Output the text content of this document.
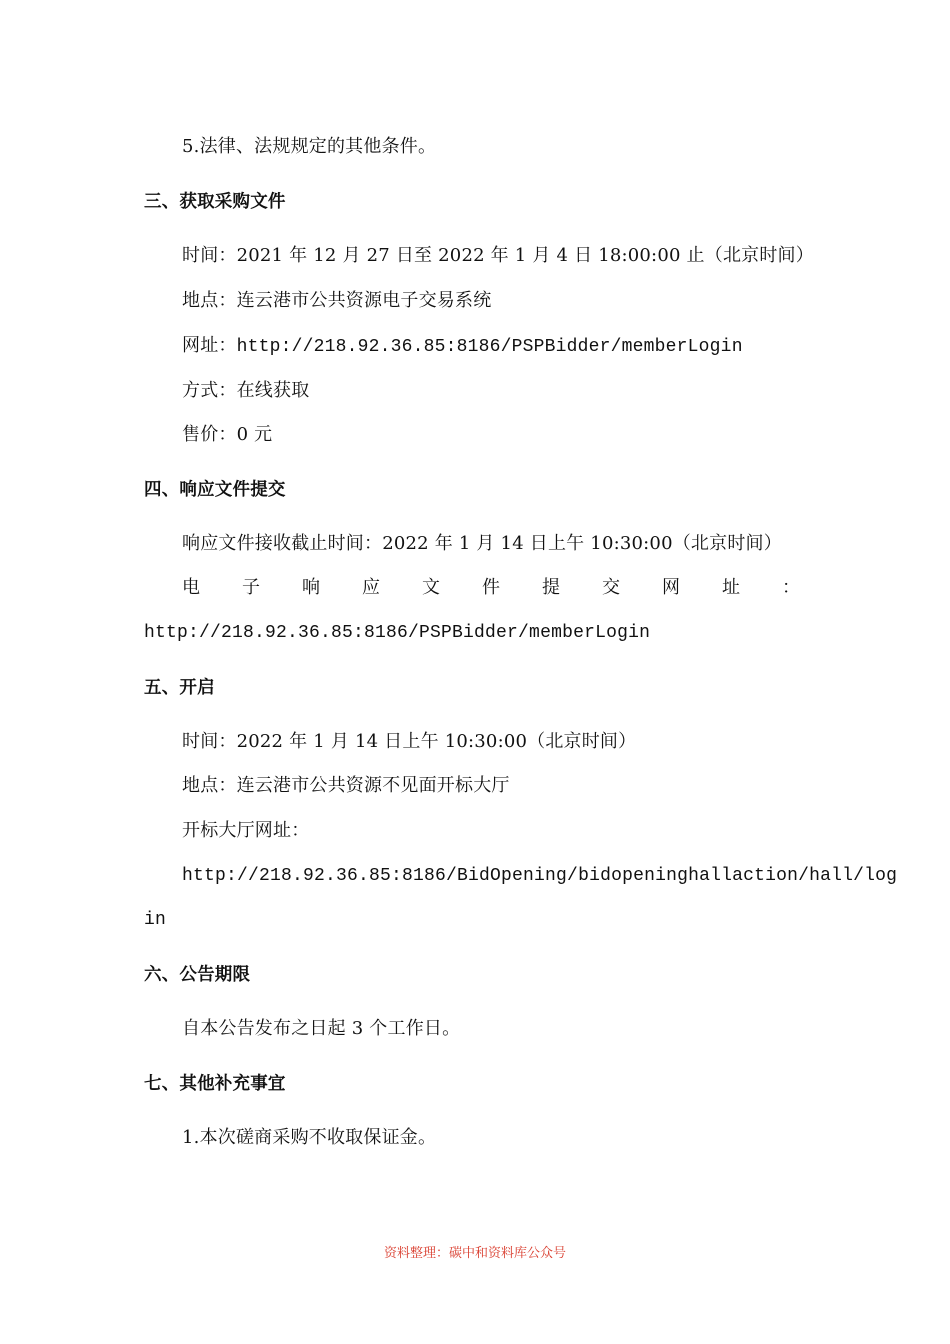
5.法律、法规规定的其他条件。
三、获取采购文件
时间：2021 年 12 月 27 日至 2022 年 1 月 4 日 18:00:00 止（北京时间）
地点：连云港市公共资源电子交易系统
网址：http://218.92.36.85:8186/PSPBidder/memberLogin
方式：在线获取
售价：0 元
四、响应文件提交
响应文件接收截止时间：2022 年 1 月 14 日上午 10:30:00（北京时间）
电 子 响 应 文 件 提 交 网 址 ：
http://218.92.36.85:8186/PSPBidder/memberLogin
五、开启
时间：2022 年 1 月 14 日上午 10:30:00（北京时间）
地点：连云港市公共资源不见面开标大厅
开标大厅网址：
http://218.92.36.85:8186/BidOpening/bidopeninghallaction/hall/log
in
六、公告期限
自本公告发布之日起 3 个工作日。
七、其他补充事宜
1.本次磋商采购不收取保证金。
资料整理：碳中和资料库公众号
